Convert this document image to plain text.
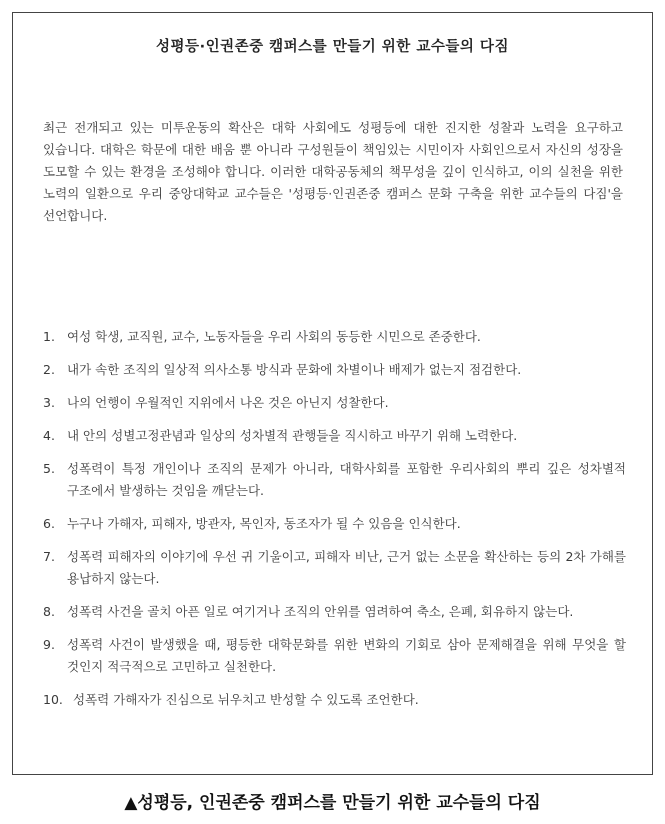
성평등·인권존중 캠퍼스를 만들기 위한 교수들의 다짐

최근 전개되고 있는 미투운동의 확산은 대학 사회에도 성평등에 대한 진지한 성찰과 노력을 요구하고 있습니다. 대학은 학문에 대한 배움 뿐 아니라 구성원들이 책임있는 시민이자 사회인으로서 자신의 성장을 도모할 수 있는 환경을 조성해야 합니다. 이러한 대학공동체의 책무성을 깊이 인식하고, 이의 실천을 위한 노력의 일환으로 우리 중앙대학교 교수들은 '성평등·인권존중 캠퍼스 문화 구축을 위한 교수들의 다짐'을 선언합니다.

1. 여성 학생, 교직원, 교수, 노동자들을 우리 사회의 동등한 시민으로 존중한다.
2. 내가 속한 조직의 일상적 의사소통 방식과 문화에 차별이나 배제가 없는지 점검한다.
3. 나의 언행이 우월적인 지위에서 나온 것은 아닌지 성찰한다.
4. 내 안의 성별고정관념과 일상의 성차별적 관행들을 직시하고 바꾸기 위해 노력한다.
5. 성폭력이 특정 개인이나 조직의 문제가 아니라, 대학사회를 포함한 우리사회의 뿌리 깊은 성차별적 구조에서 발생하는 것임을 깨닫는다.
6. 누구나 가해자, 피해자, 방관자, 목인자, 동조자가 될 수 있음을 인식한다.
7. 성폭력 피해자의 이야기에 우선 귀 기울이고, 피해자 비난, 근거 없는 소문을 확산하는 등의 2차 가해를 용납하지 않는다.
8. 성폭력 사건을 골치 아픈 일로 여기거나 조직의 안위를 염려하여 축소, 은폐, 회유하지 않는다.
9. 성폭력 사건이 발생했을 때, 평등한 대학문화를 위한 변화의 기회로 삼아 문제해결을 위해 무엇을 할 것인지 적극적으로 고민하고 실천한다.
10. 성폭력 가해자가 진심으로 뉘우치고 반성할 수 있도록 조언한다.
▲성평등, 인권존중 캠퍼스를 만들기 위한 교수들의 다짐
